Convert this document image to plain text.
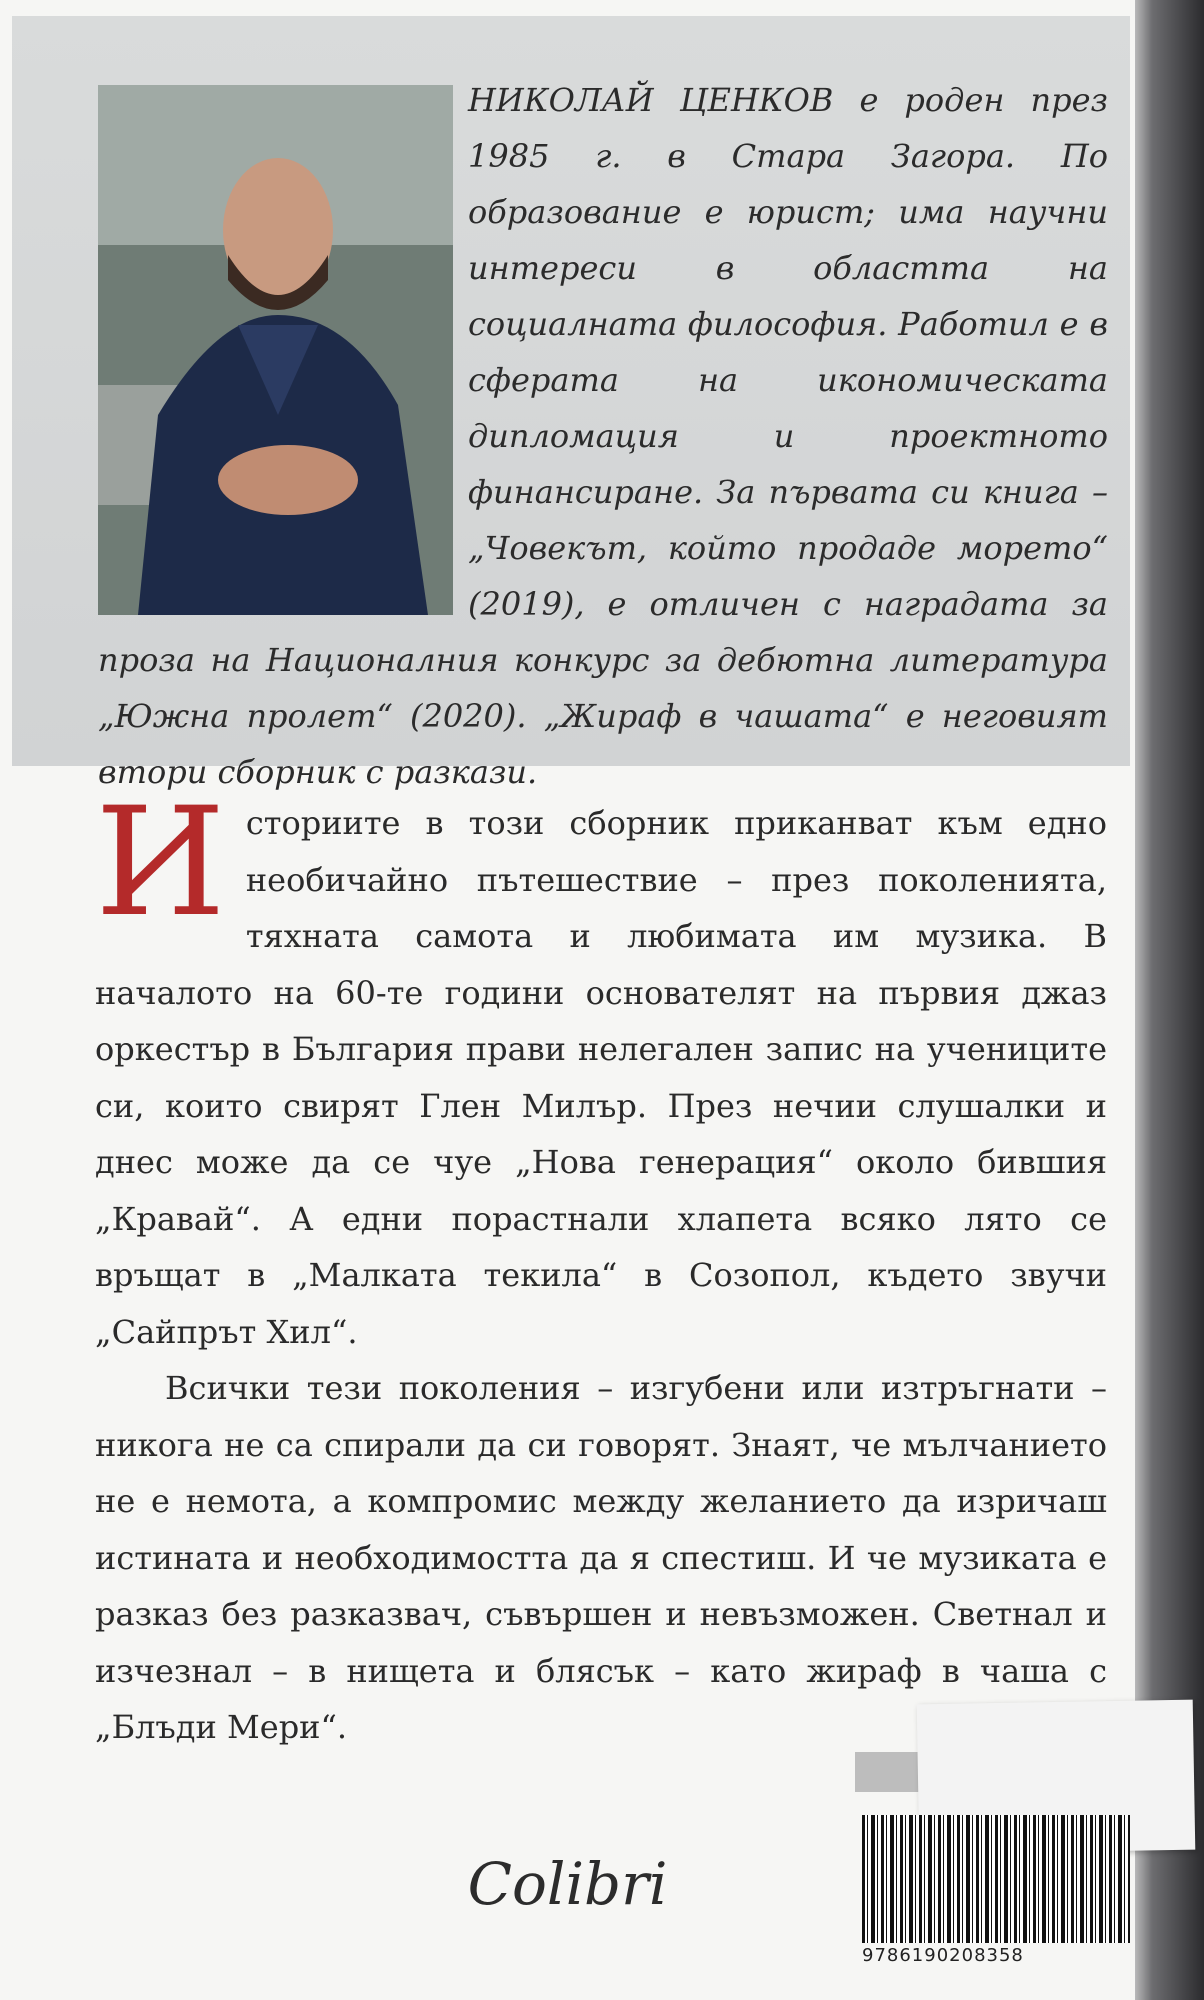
НИКОЛАЙ ЦЕНКОВ е роден през 1985 г. в Стара Загора. По образование е юрист; има научни интереси в областта на социалната философия. Работил е в сферата на икономическата дипломация и проектното финансиране. За първата си книга – „Човекът, който продаде морето“ (2019), е отличен с наградата за проза на Националния конкурс за дебютна литература „Южна пролет“ (2020). „Жираф в чашата“ е неговият втори сборник с разкази.

Историите в този сборник приканват към едно необичайно пътешествие – през поколенията, тяхната самота и любимата им музика. В началото на 60-те години основателят на първия джаз оркестър в България прави нелегален запис на учениците си, които свирят Глен Милър. През нечии слушалки и днес може да се чуе „Нова генерация“ около бившия „Кравай“. А едни порастнали хлапета всяко лято се връщат в „Малката текила“ в Созопол, където звучи „Сайпрът Хил“.

Всички тези поколения – изгубени или изтръгнати – никога не са спирали да си говорят. Знаят, че мълчанието не е немота, а компромис между желанието да изричаш истината и необходимостта да я спестиш. И че музиката е разказ без разказвач, съвършен и невъзможен. Светнал и изчезнал – в нищета и блясък – като жираф в чаша с „Блъди Мери“.

9786190208358
Colibri
